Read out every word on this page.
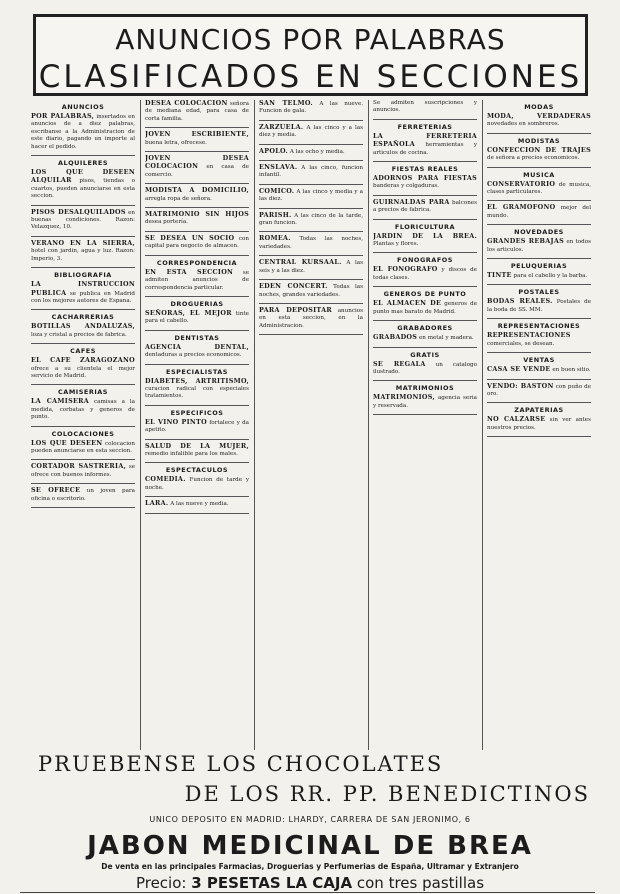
ANUNCIOS POR PALABRAS
CLASIFICADOS EN SECCIONES
ANUNCIOS
POR PALABRAS, insertados en anuncios de a diez palabras, escribanse a la Administracion de este diario, pagando un importe al hacer el pedido.
ALQUILERES
LOS QUE DESEEN ALQUILAR pisos, tiendas o cuartos, pueden anunciarse en esta seccion.
PISOS DESALQUILADOS en buenas condiciones. Razon: Velazquez, 10.
VERANO EN LA SIERRA, hotel con jardin, agua y luz. Razon: Imperio, 3.
BIBLIOGRAFIA
LA INSTRUCCION PUBLICA se publica en Madrid con los mejores autores de Espana.
CACHARRERIAS
BOTILLAS ANDALUZAS, loza y cristal a precios de fabrica.
CAFES
EL CAFE ZARAGOZANO ofrece a su clientela el mejor servicio de Madrid.
CAMISERIAS
LA CAMISERA camisas a la medida, corbatas y generos de punto.
COLOCACIONES
LOS QUE DESEEN colocacion pueden anunciarse en esta seccion.
CORTADOR SASTRERIA, se ofrece con buenos informes.
SE OFRECE un joven para oficina o escritorio.
DESEA COLOCACION señora de mediana edad, para casa de corta familia.
JOVEN ESCRIBIENTE, buena letra, ofrecese.
JOVEN DESEA COLOCACION en casa de comercio.
MODISTA A DOMICILIO, arregla ropa de señora.
MATRIMONIO SIN HIJOS desea portería.
SE DESEA UN SOCIO con capital para negocio de almacen.
CORRESPONDENCIA
EN ESTA SECCION se admiten anuncios de correspondencia particular.
DROGUERIAS
SEÑORAS, EL MEJOR tinte para el cabello.
DENTISTAS
AGENCIA DENTAL, dentaduras a precios economicos.
ESPECIALISTAS
DIABETES, ARTRITISMO, curacion radical con especiales tratamientos.
ESPECIFICOS
EL VINO PINTO fortalece y da apetito.
SALUD DE LA MUJER, remedio infalible para los males.
ESPECTACULOS
COMEDIA. Funcion de tarde y noche.
LARA. A las nueve y media.
SAN TELMO. A las nueve. Funcion de gala.
ZARZUELA. A las cinco y a las diez y media.
APOLO. A las ocho y media.
ENSLAVA. A las cinco, funcion infantil.
COMICO. A las cinco y media y a las diez.
PARISH. A las cinco de la tarde, gran funcion.
ROMEA. Todas las noches, variedades.
CENTRAL KURSAAL. A las seis y a las diez.
EDEN CONCERT. Todas las noches, grandes variedades.
PARA DEPOSITAR anuncios en esta seccion, en la Administracion.
Se admiten suscripciones y anuncios.
FERRETERIAS
LA FERRETERIA ESPAÑOLA herramientas y articulos de cocina.
FIESTAS REALES
ADORNOS PARA FIESTAS banderas y colgaduras.
GUIRNALDAS PARA balcones a precios de fabrica.
FLORICULTURA
JARDIN DE LA BREA. Plantas y flores.
FONOGRAFOS
EL FONOGRAFO y discos de todas clases.
GENEROS DE PUNTO
EL ALMACEN DE generos de punto mas barato de Madrid.
GRABADORES
GRABADOS en metal y madera.
GRATIS
SE REGALA un catalogo ilustrado.
MATRIMONIOS
MATRIMONIOS, agencia seria y reservada.
MODAS
MODA, VERDADERAS novedades en sombreros.
MODISTAS
CONFECCION DE TRAJES de señora a precios economicos.
MUSICA
CONSERVATORIO de musica, clases particulares.
EL GRAMOFONO mejor del mundo.
NOVEDADES
GRANDES REBAJAS en todos los articulos.
PELUQUERIAS
TINTE para el cabello y la barba.
POSTALES
BODAS REALES. Postales de la boda de SS. MM.
REPRESENTACIONES
REPRESENTACIONES comerciales, se desean.
VENTAS
CASA SE VENDE en buen sitio.
VENDO: BASTON con puño de oro.
ZAPATERIAS
NO CALZARSE sin ver antes nuestros precios.
PRUEBENSE LOS CHOCOLATES
DE LOS RR. PP. BENEDICTINOS
UNICO DEPOSITO EN MADRID: LHARDY, CARRERA DE SAN JERONIMO, 6
JABON MEDICINAL DE BREA
De venta en las principales Farmacias, Droguerias y Perfumerias de España, Ultramar y Extranjero
Precio: 3 PESETAS LA CAJA con tres pastillas
